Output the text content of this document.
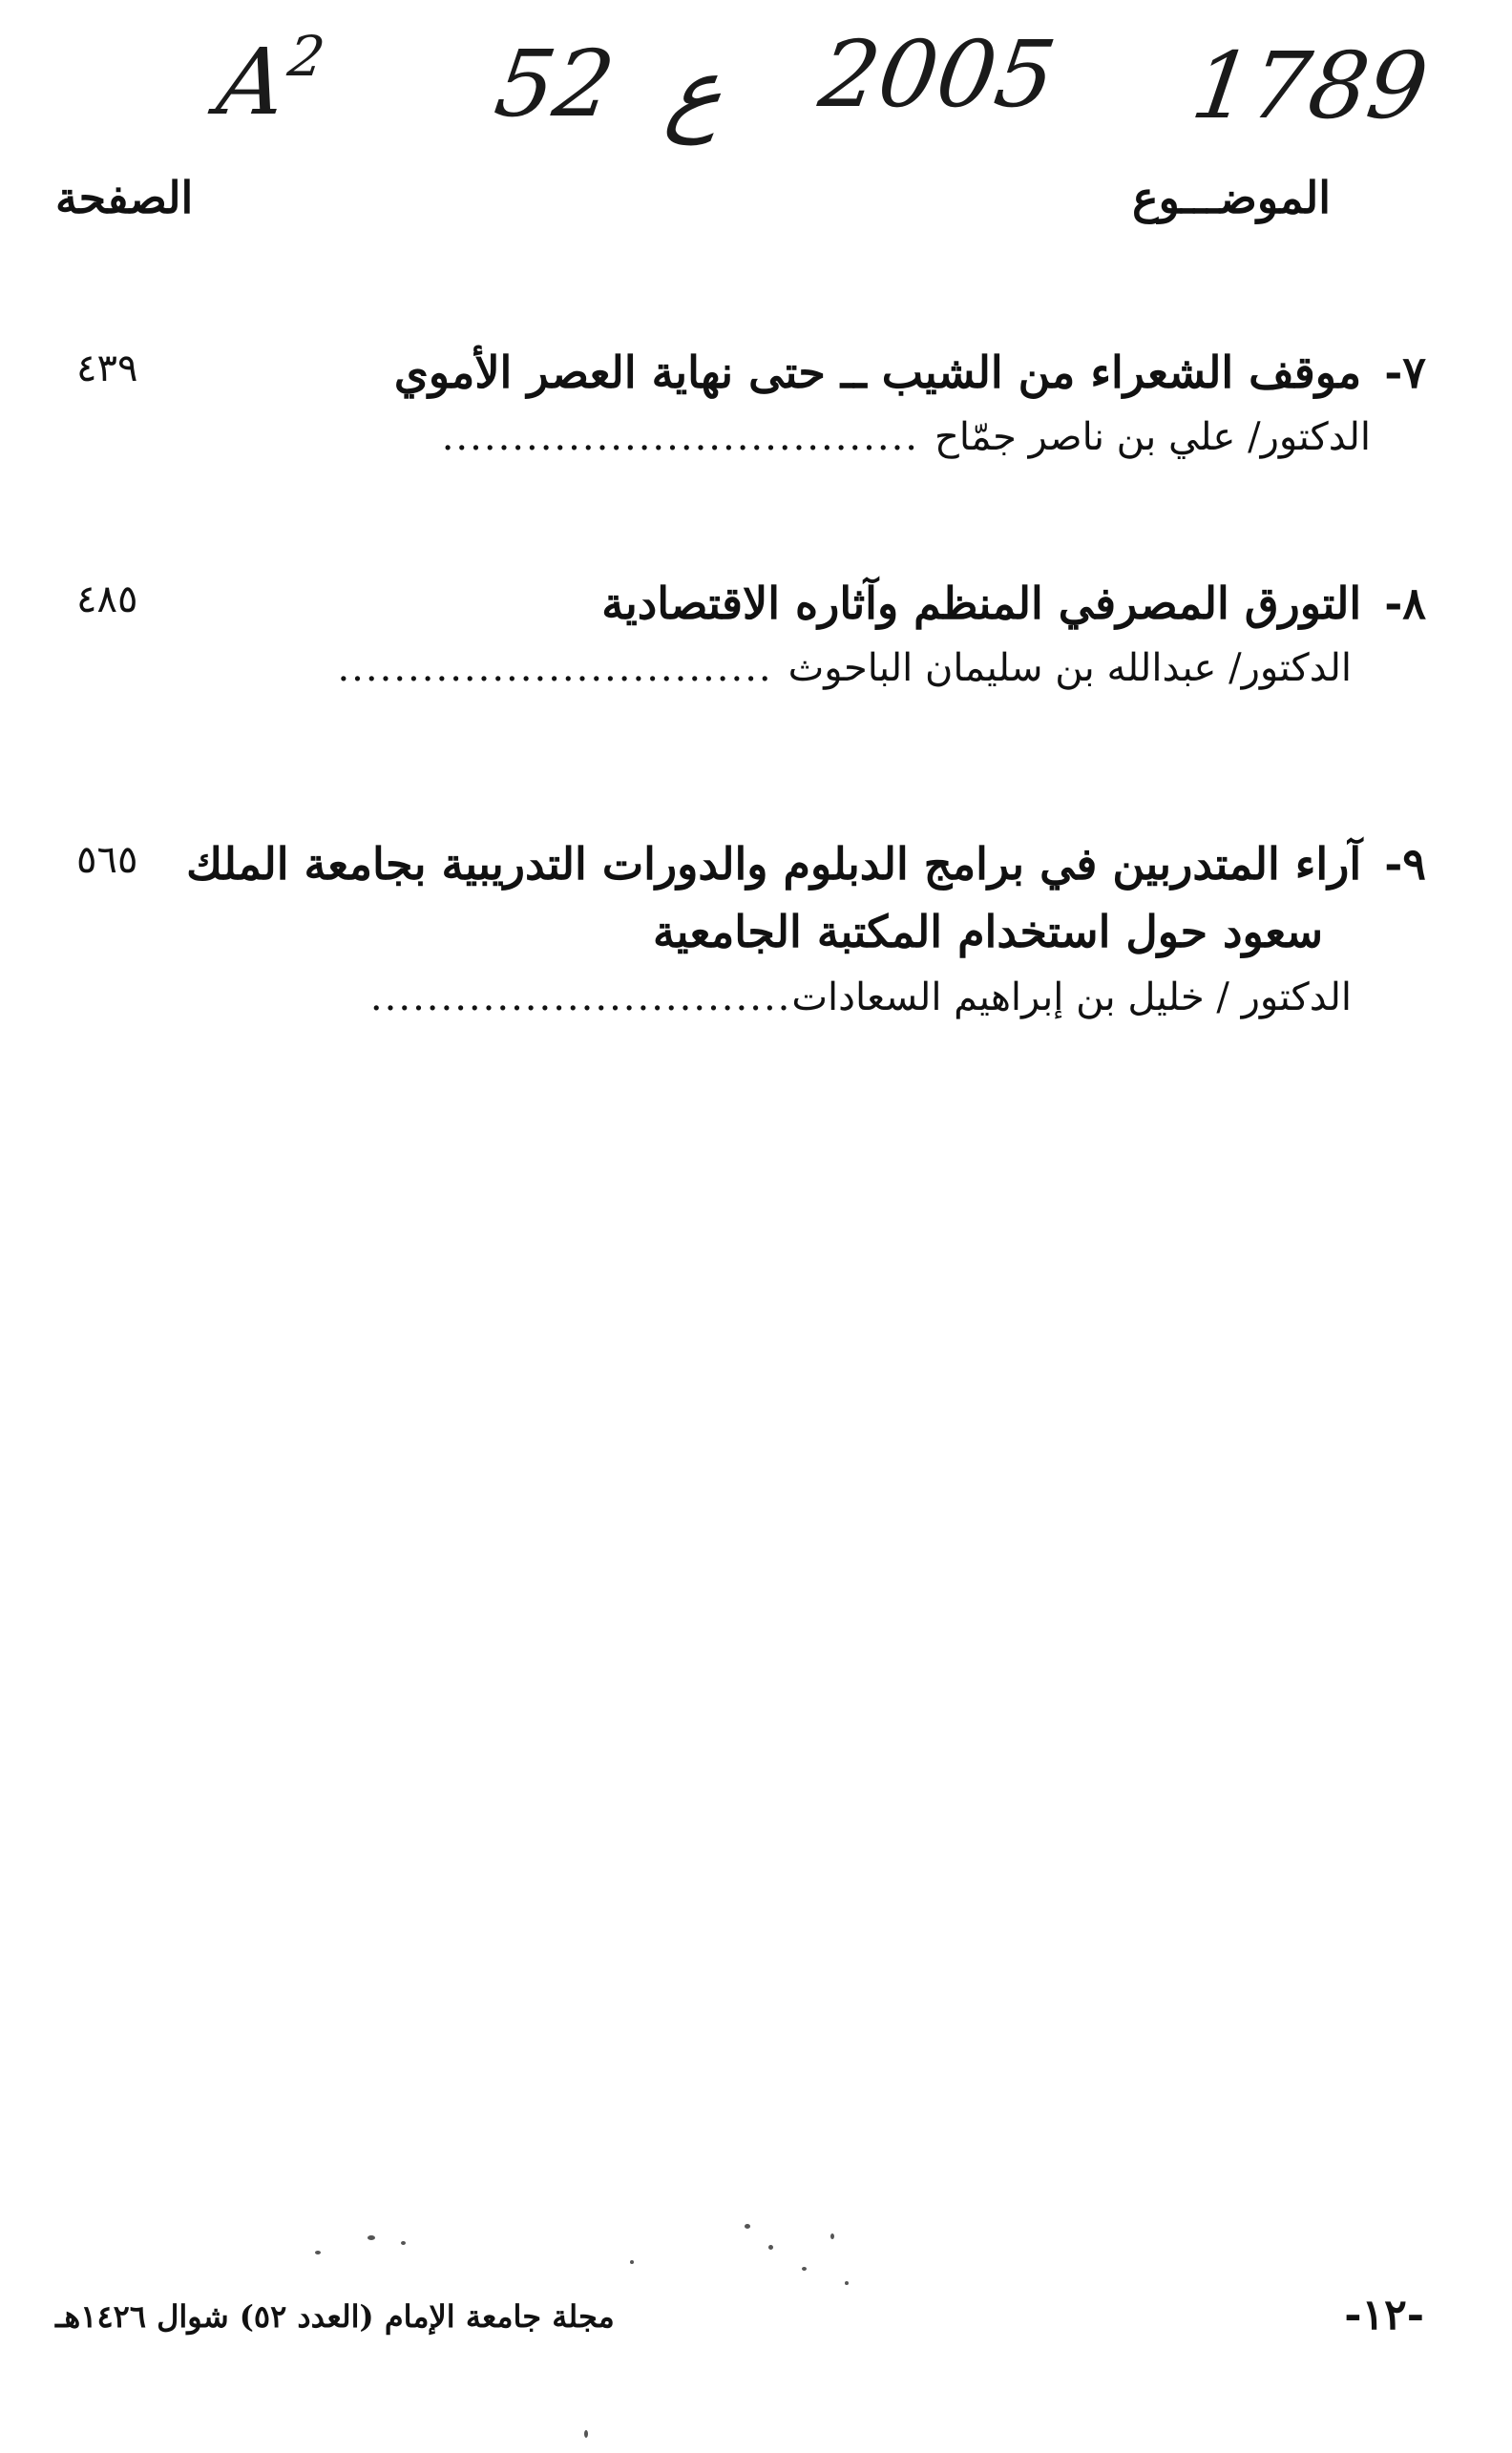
$A^2$ 52 ع 2005 1789
الموضـــوع
الصفحة
٧- موقف الشعراء من الشيب ــ حتى نهاية العصر الأموي
الدكتور/ علي بن ناصر جمّاح
..................................
٤٣٩
٨- التورق المصرفي المنظم وآثاره الاقتصادية
الدكتور/ عبدالله بن سليمان الباحوث
...............................
٤٨٥
٩- آراء المتدربين في برامج الدبلوم والدورات التدريبية بجامعة الملك
سعود حول استخدام المكتبة الجامعية
الدكتور / خليل بن إبراهيم السعادات
..............................
٥٦٥
-١٢-
مجلة جامعة الإمام (العدد ٥٢) شوال ١٤٢٦هـ
